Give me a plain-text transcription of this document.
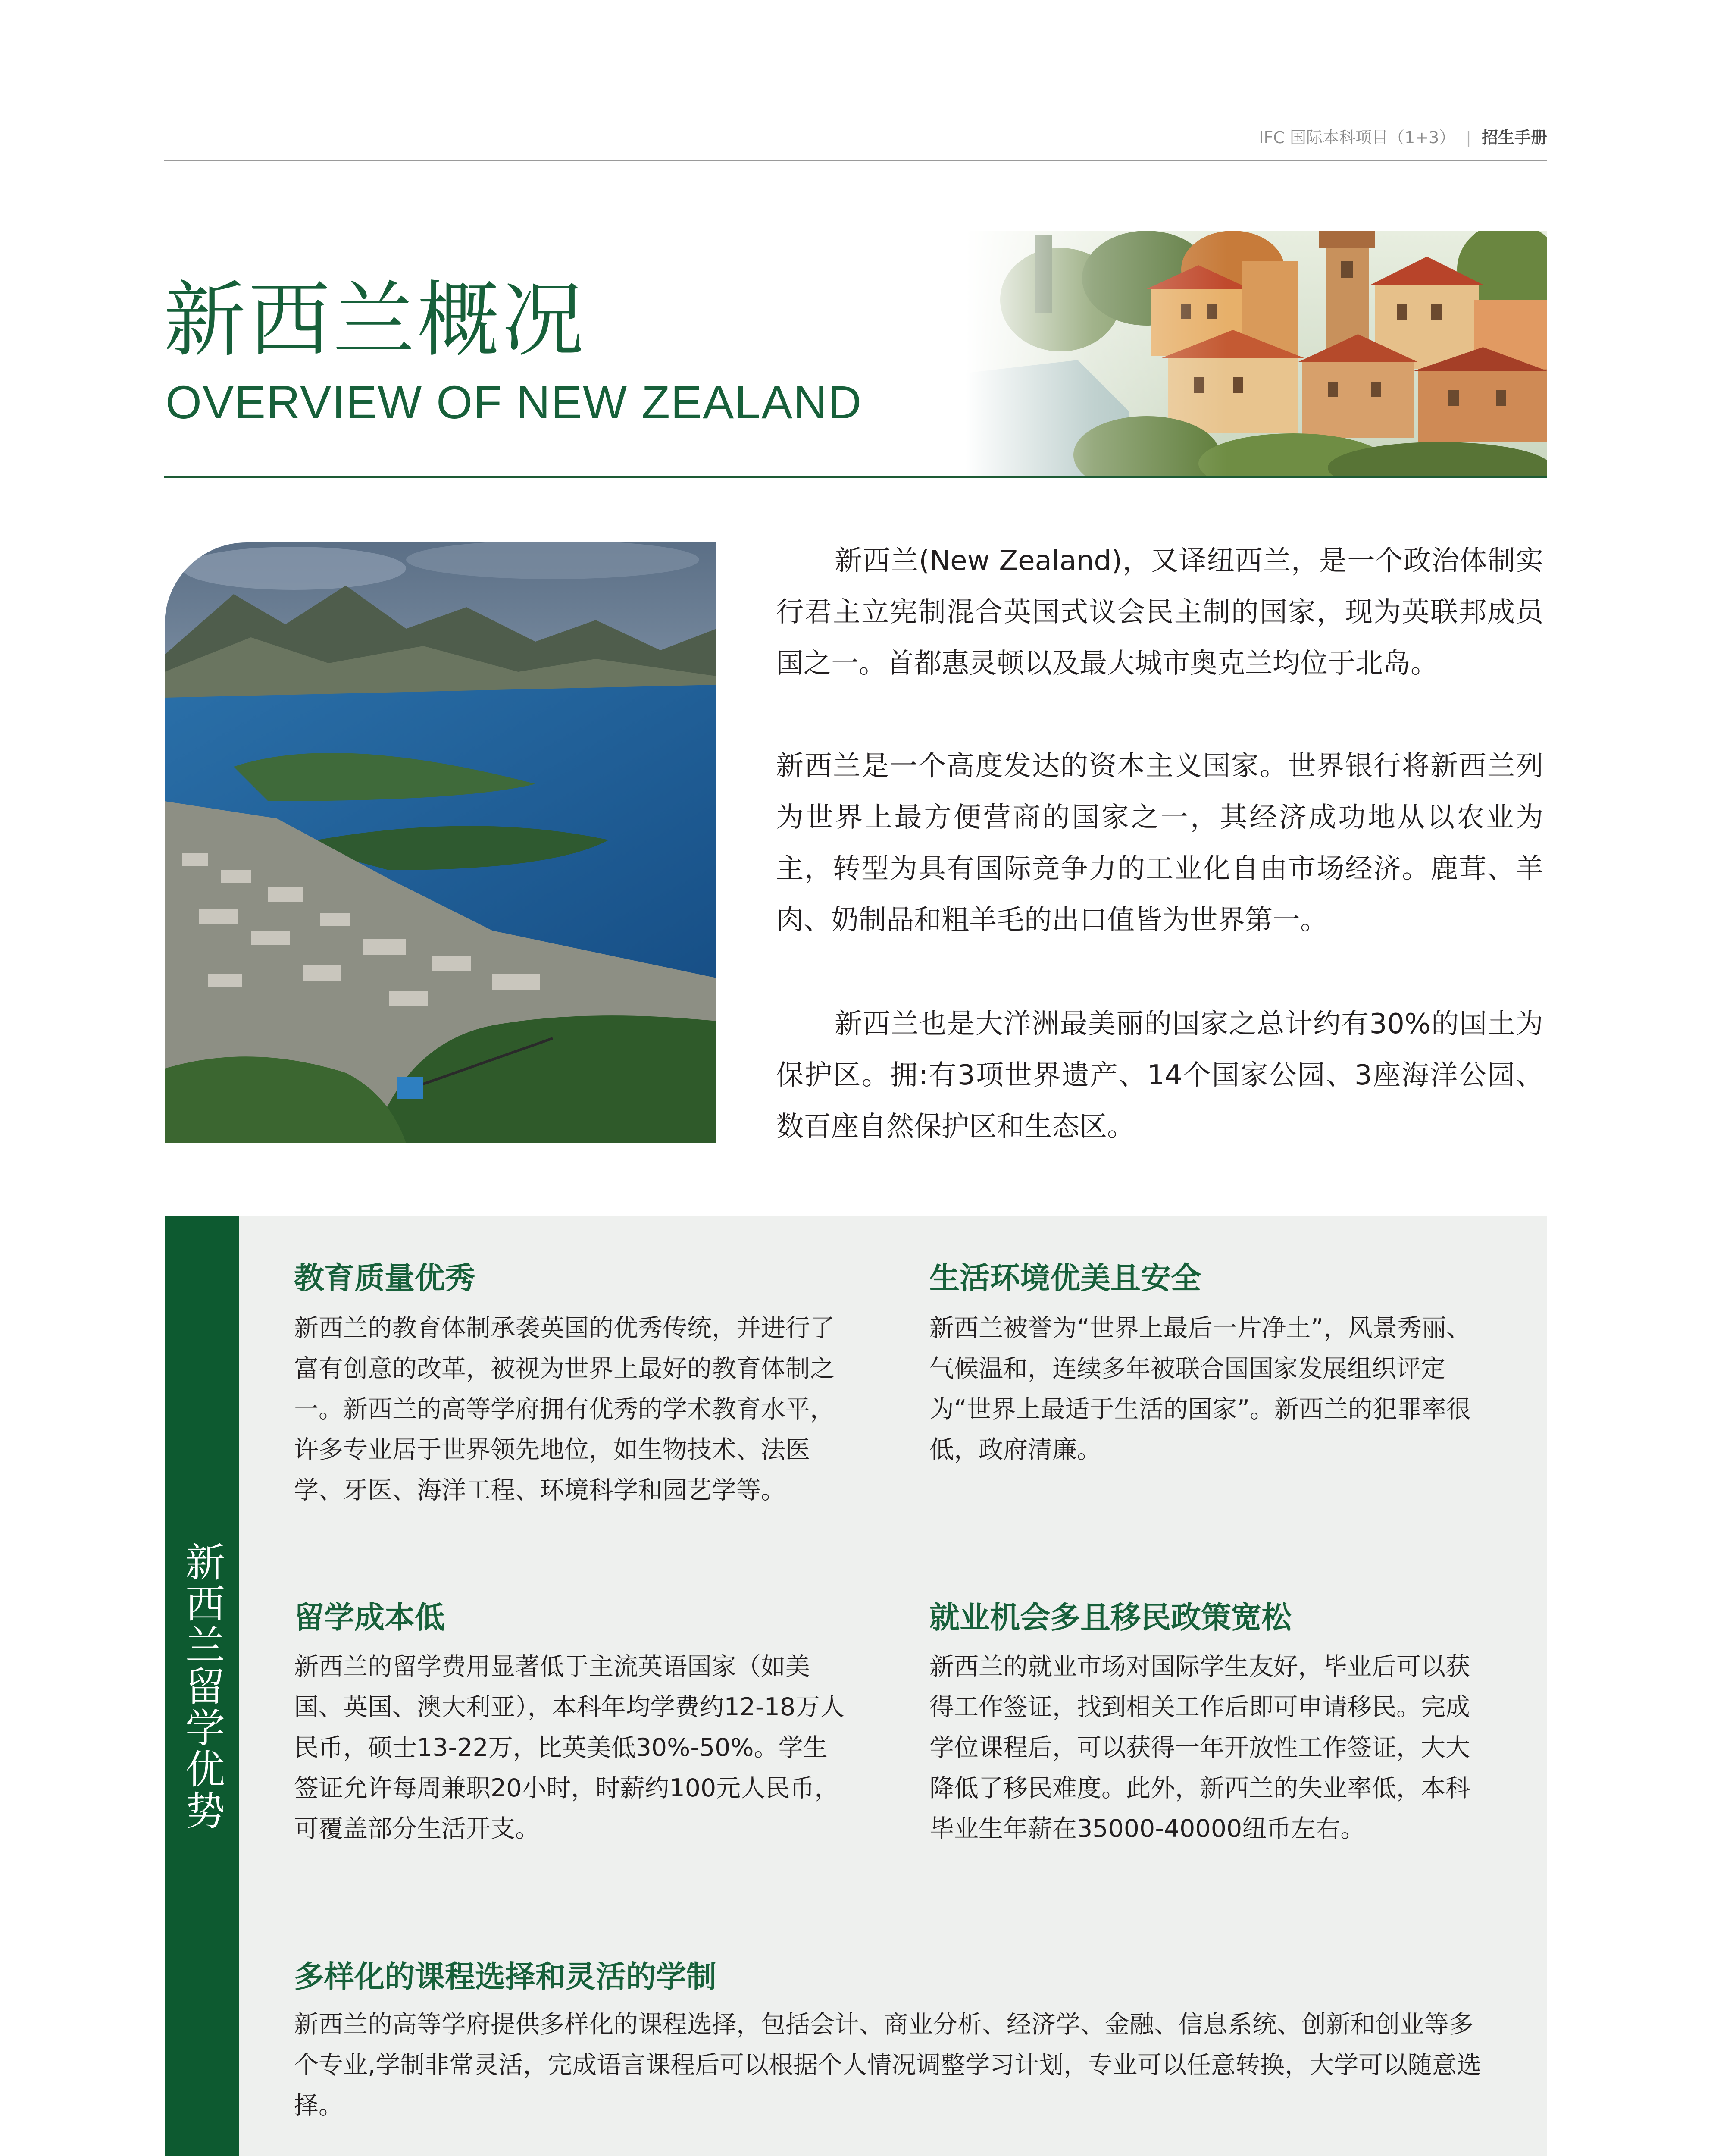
IFC 国际本科项目（1+3） | 招生手册
新西兰概况
OVERVIEW OF NEW ZEALAND

新西兰(New Zealand)，又译纽西兰，是一个政治体制实行君主立宪制混合英国式议会民主制的国家，现为英联邦成员国之一。首都惠灵顿以及最大城市奥克兰均位于北岛。

新西兰是一个高度发达的资本主义国家。世界银行将新西兰列为世界上最方便营商的国家之一，其经济成功地从以农业为主，转型为具有国际竞争力的工业化自由市场经济。鹿茸、羊肉、奶制品和粗羊毛的出口值皆为世界第一。

新西兰也是大洋洲最美丽的国家之总计约有30%的国土为保护区。拥:有3项世界遗产、14个国家公园、3座海洋公园、数百座自然保护区和生态区。

新西兰留学优势
教育质量优秀

新西兰的教育体制承袭英国的优秀传统，并进行了富有创意的改革，被视为世界上最好的教育体制之一。新西兰的高等学府拥有优秀的学术教育水平，许多专业居于世界领先地位，如生物技术、法医学、牙医、海洋工程、环境科学和园艺学等。

生活环境优美且安全

新西兰被誉为“世界上最后一片净土”，风景秀丽、气候温和，连续多年被联合国国家发展组织评定为“世界上最适于生活的国家”。新西兰的犯罪率很低，政府清廉。

留学成本低

新西兰的留学费用显著低于主流英语国家（如美国、英国、澳大利亚），本科年均学费约12-18万人民币，硕士13-22万，比英美低30%-50%。学生签证允许每周兼职20小时，时薪约100元人民币，可覆盖部分生活开支。

就业机会多且移民政策宽松

新西兰的就业市场对国际学生友好，毕业后可以获得工作签证，找到相关工作后即可申请移民。完成学位课程后，可以获得一年开放性工作签证，大大降低了移民难度。此外，新西兰的失业率低，本科毕业生年薪在35000-40000纽币左右。

多样化的课程选择和灵活的学制

新西兰的高等学府提供多样化的课程选择，包括会计、商业分析、经济学、金融、信息系统、创新和创业等多个专业,学制非常灵活，完成语言课程后可以根据个人情况调整学习计划，专业可以任意转换，大学可以随意选择。
